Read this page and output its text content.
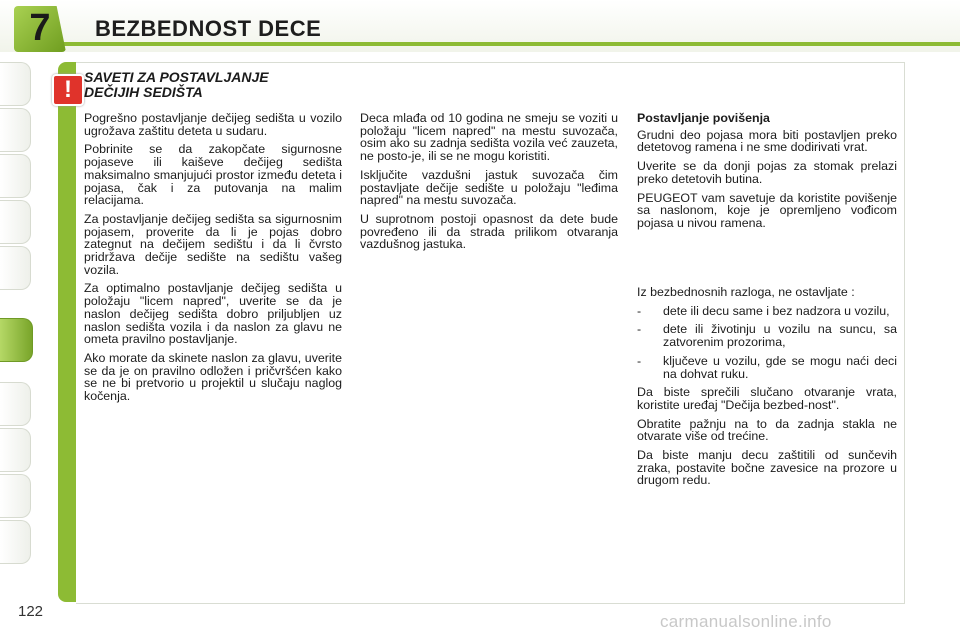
7	BEZBEDNOST DECE
! SAVETI ZA POSTAVLJANJE
DEČIJIH SEDIŠTA

Pogrešno postavljanje dečijeg sedišta u vozilo ugrožava zaštitu deteta u sudaru.

Pobrinite se da zakopčate sigurnosne pojaseve ili kaiševe dečijeg sedišta maksimalno smanjujući prostor između deteta i pojasa, čak i za putovanja na malim relacijama.

Za postavljanje dečijeg sedišta sa sigurnosnim pojasem, proverite da li je pojas dobro zategnut na dečijem sedištu i da li čvrsto pridržava dečije sedište na sedištu vašeg vozila.

Za optimalno postavljanje dečijeg sedišta u položaju "licem napred", uverite se da je naslon dečijeg sedišta dobro priljubljen uz naslon sedišta vozila i da naslon za glavu ne ometa pravilno postavljanje.

Ako morate da skinete naslon za glavu, uverite se da je on pravilno odložen i pričvršćen kako se ne bi pretvorio u projektil u slučaju naglog kočenja.

Deca mlađa od 10 godina ne smeju se voziti u položaju "licem napred" na mestu suvozača, osim ako su zadnja sedišta vozila već zauzeta, ne posto-je, ili se ne mogu koristiti.

Isključite vazdušni jastuk suvozača čim postavljate dečije sedište u položaju "leđima napred" na mestu suvozača.

U suprotnom postoji opasnost da dete bude povređeno ili da strada prilikom otvaranja vazdušnog jastuka.

Postavljanje povišenja

Grudni deo pojasa mora biti postavljen preko detetovog ramena i ne sme dodirivati vrat.

Uverite se da donji pojas za stomak prelazi preko detetovih butina.

PEUGEOT vam savetuje da koristite povišenje sa naslonom, koje je opremljeno vođicom pojasa u nivou ramena.

Iz bezbednosnih razloga, ne ostavljate :

- dete ili decu same i bez nadzora u vozilu,
- dete ili životinju u vozilu na suncu, sa zatvorenim prozorima,
- ključeve u vozilu, gde se mogu naći deci na dohvat ruku.

Da biste sprečili slučano otvaranje vrata, koristite uređaj "Dečija bezbed-nost".

Obratite pažnju na to da zadnja stakla ne otvarate više od trećine.

Da biste manju decu zaštitili od sunčevih zraka, postavite bočne zavesice na prozore u drugom redu.

122
carmanualsonline.info
